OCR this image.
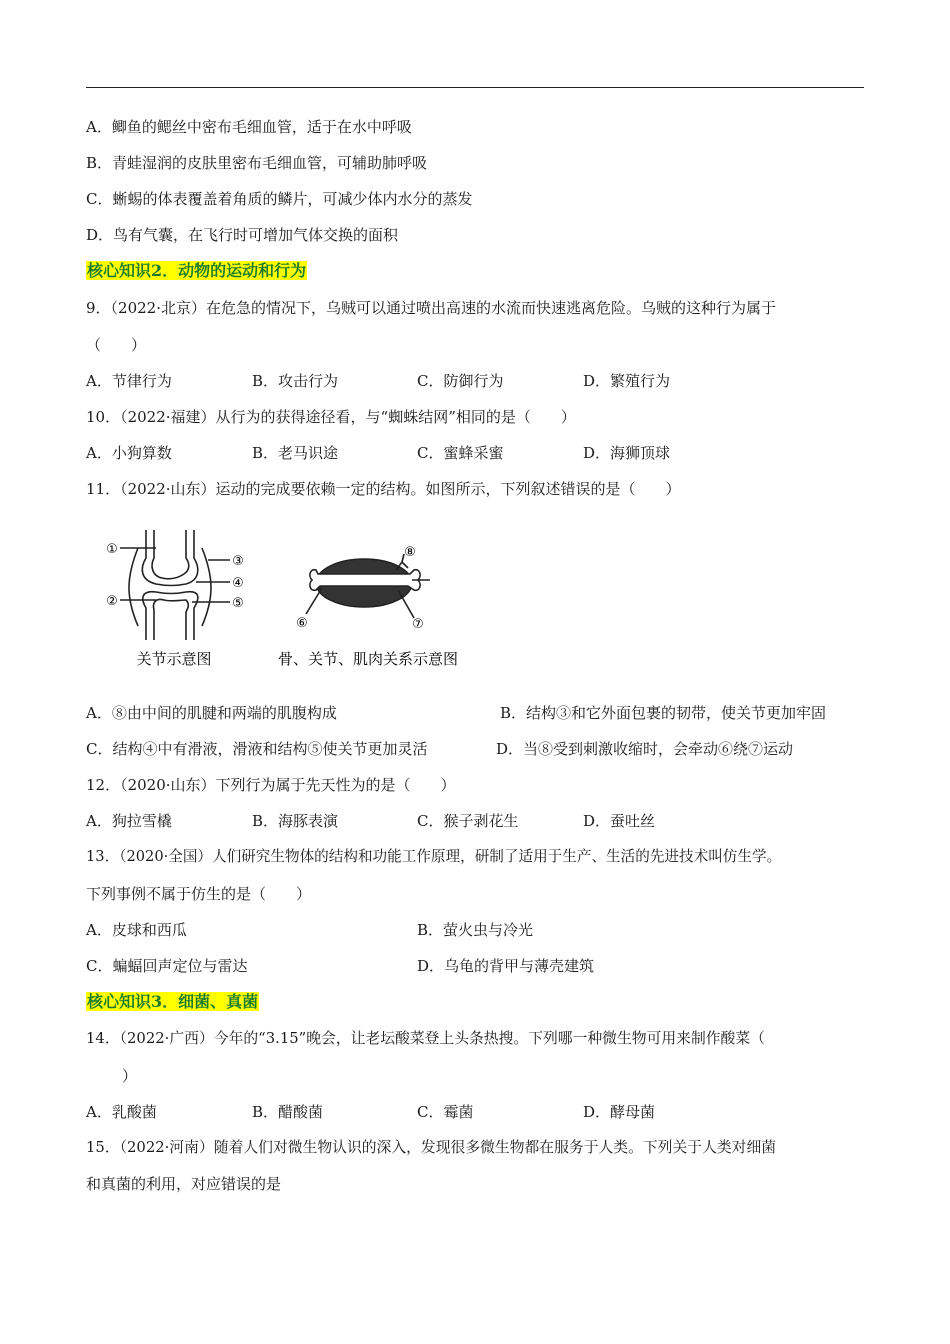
A．鲫鱼的鳃丝中密布毛细血管，适于在水中呼吸
B．青蛙湿润的皮肤里密布毛细血管，可辅助肺呼吸
C．蜥蜴的体表覆盖着角质的鳞片，可减少体内水分的蒸发
D．鸟有气囊，在飞行时可增加气体交换的面积
核心知识2．动物的运动和行为
9．（2022·北京）在危急的情况下，乌贼可以通过喷出高速的水流而快速逃离危险。乌贼的这种行为属于
（　　）
A．节律行为	B．攻击行为	C．防御行为	D．繁殖行为
10．（2022·福建）从行为的获得途径看，与“蜘蛛结网”相同的是（　　）
A．小狗算数	B．老马识途	C．蜜蜂采蜜	D．海狮顶球
11．（2022·山东）运动的完成要依赖一定的结构。如图所示，下列叙述错误的是（　　）
①
②
③
④
⑤
关节示意图
⑧
⑥	⑦
骨、关节、肌肉关系示意图
A．⑧由中间的肌腱和两端的肌腹构成	B．结构③和它外面包裹的韧带，使关节更加牢固
C．结构④中有滑液，滑液和结构⑤使关节更加灵活	D．当⑧受到刺激收缩时，会牵动⑥绕⑦运动
12．（2020·山东）下列行为属于先天性为的是（　　）
A．狗拉雪橇	B．海豚表演	C．猴子剥花生	D．蚕吐丝
13．（2020·全国）人们研究生物体的结构和功能工作原理，研制了适用于生产、生活的先进技术叫仿生学。
下列事例不属于仿生的是（　　）
A．皮球和西瓜	B．萤火虫与冷光
C．蝙蝠回声定位与雷达	D．乌龟的背甲与薄壳建筑
核心知识3．细菌、真菌
14．（2022·广西）今年的“3.15”晚会，让老坛酸菜登上头条热搜。下列哪一种微生物可用来制作酸菜（
）
A．乳酸菌	B．醋酸菌	C．霉菌	D．酵母菌
15．（2022·河南）随着人们对微生物认识的深入，发现很多微生物都在服务于人类。下列关于人类对细菌
和真菌的利用，对应错误的是
